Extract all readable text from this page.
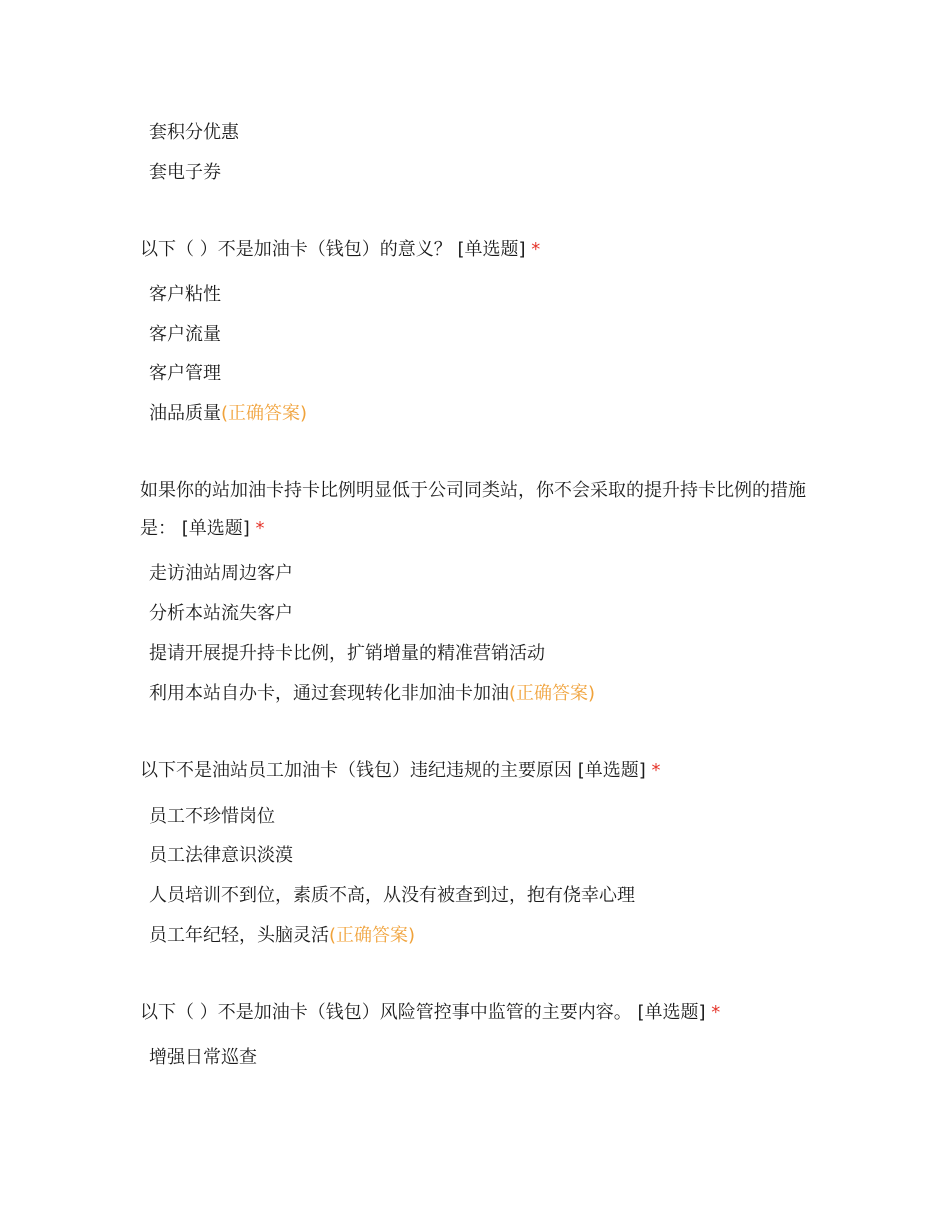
套积分优惠
套电子券
以下（ ）不是加油卡（钱包）的意义？ [单选题] *
客户粘性
客户流量
客户管理
油品质量(正确答案)
如果你的站加油卡持卡比例明显低于公司同类站，你不会采取的提升持卡比例的措施是： [单选题] *
走访油站周边客户
分析本站流失客户
提请开展提升持卡比例，扩销增量的精准营销活动
利用本站自办卡，通过套现转化非加油卡加油(正确答案)
以下不是油站员工加油卡（钱包）违纪违规的主要原因 [单选题] *
员工不珍惜岗位
员工法律意识淡漠
人员培训不到位，素质不高，从没有被查到过，抱有侥幸心理
员工年纪轻，头脑灵活(正确答案)
以下（ ）不是加油卡（钱包）风险管控事中监管的主要内容。 [单选题] *
增强日常巡查
